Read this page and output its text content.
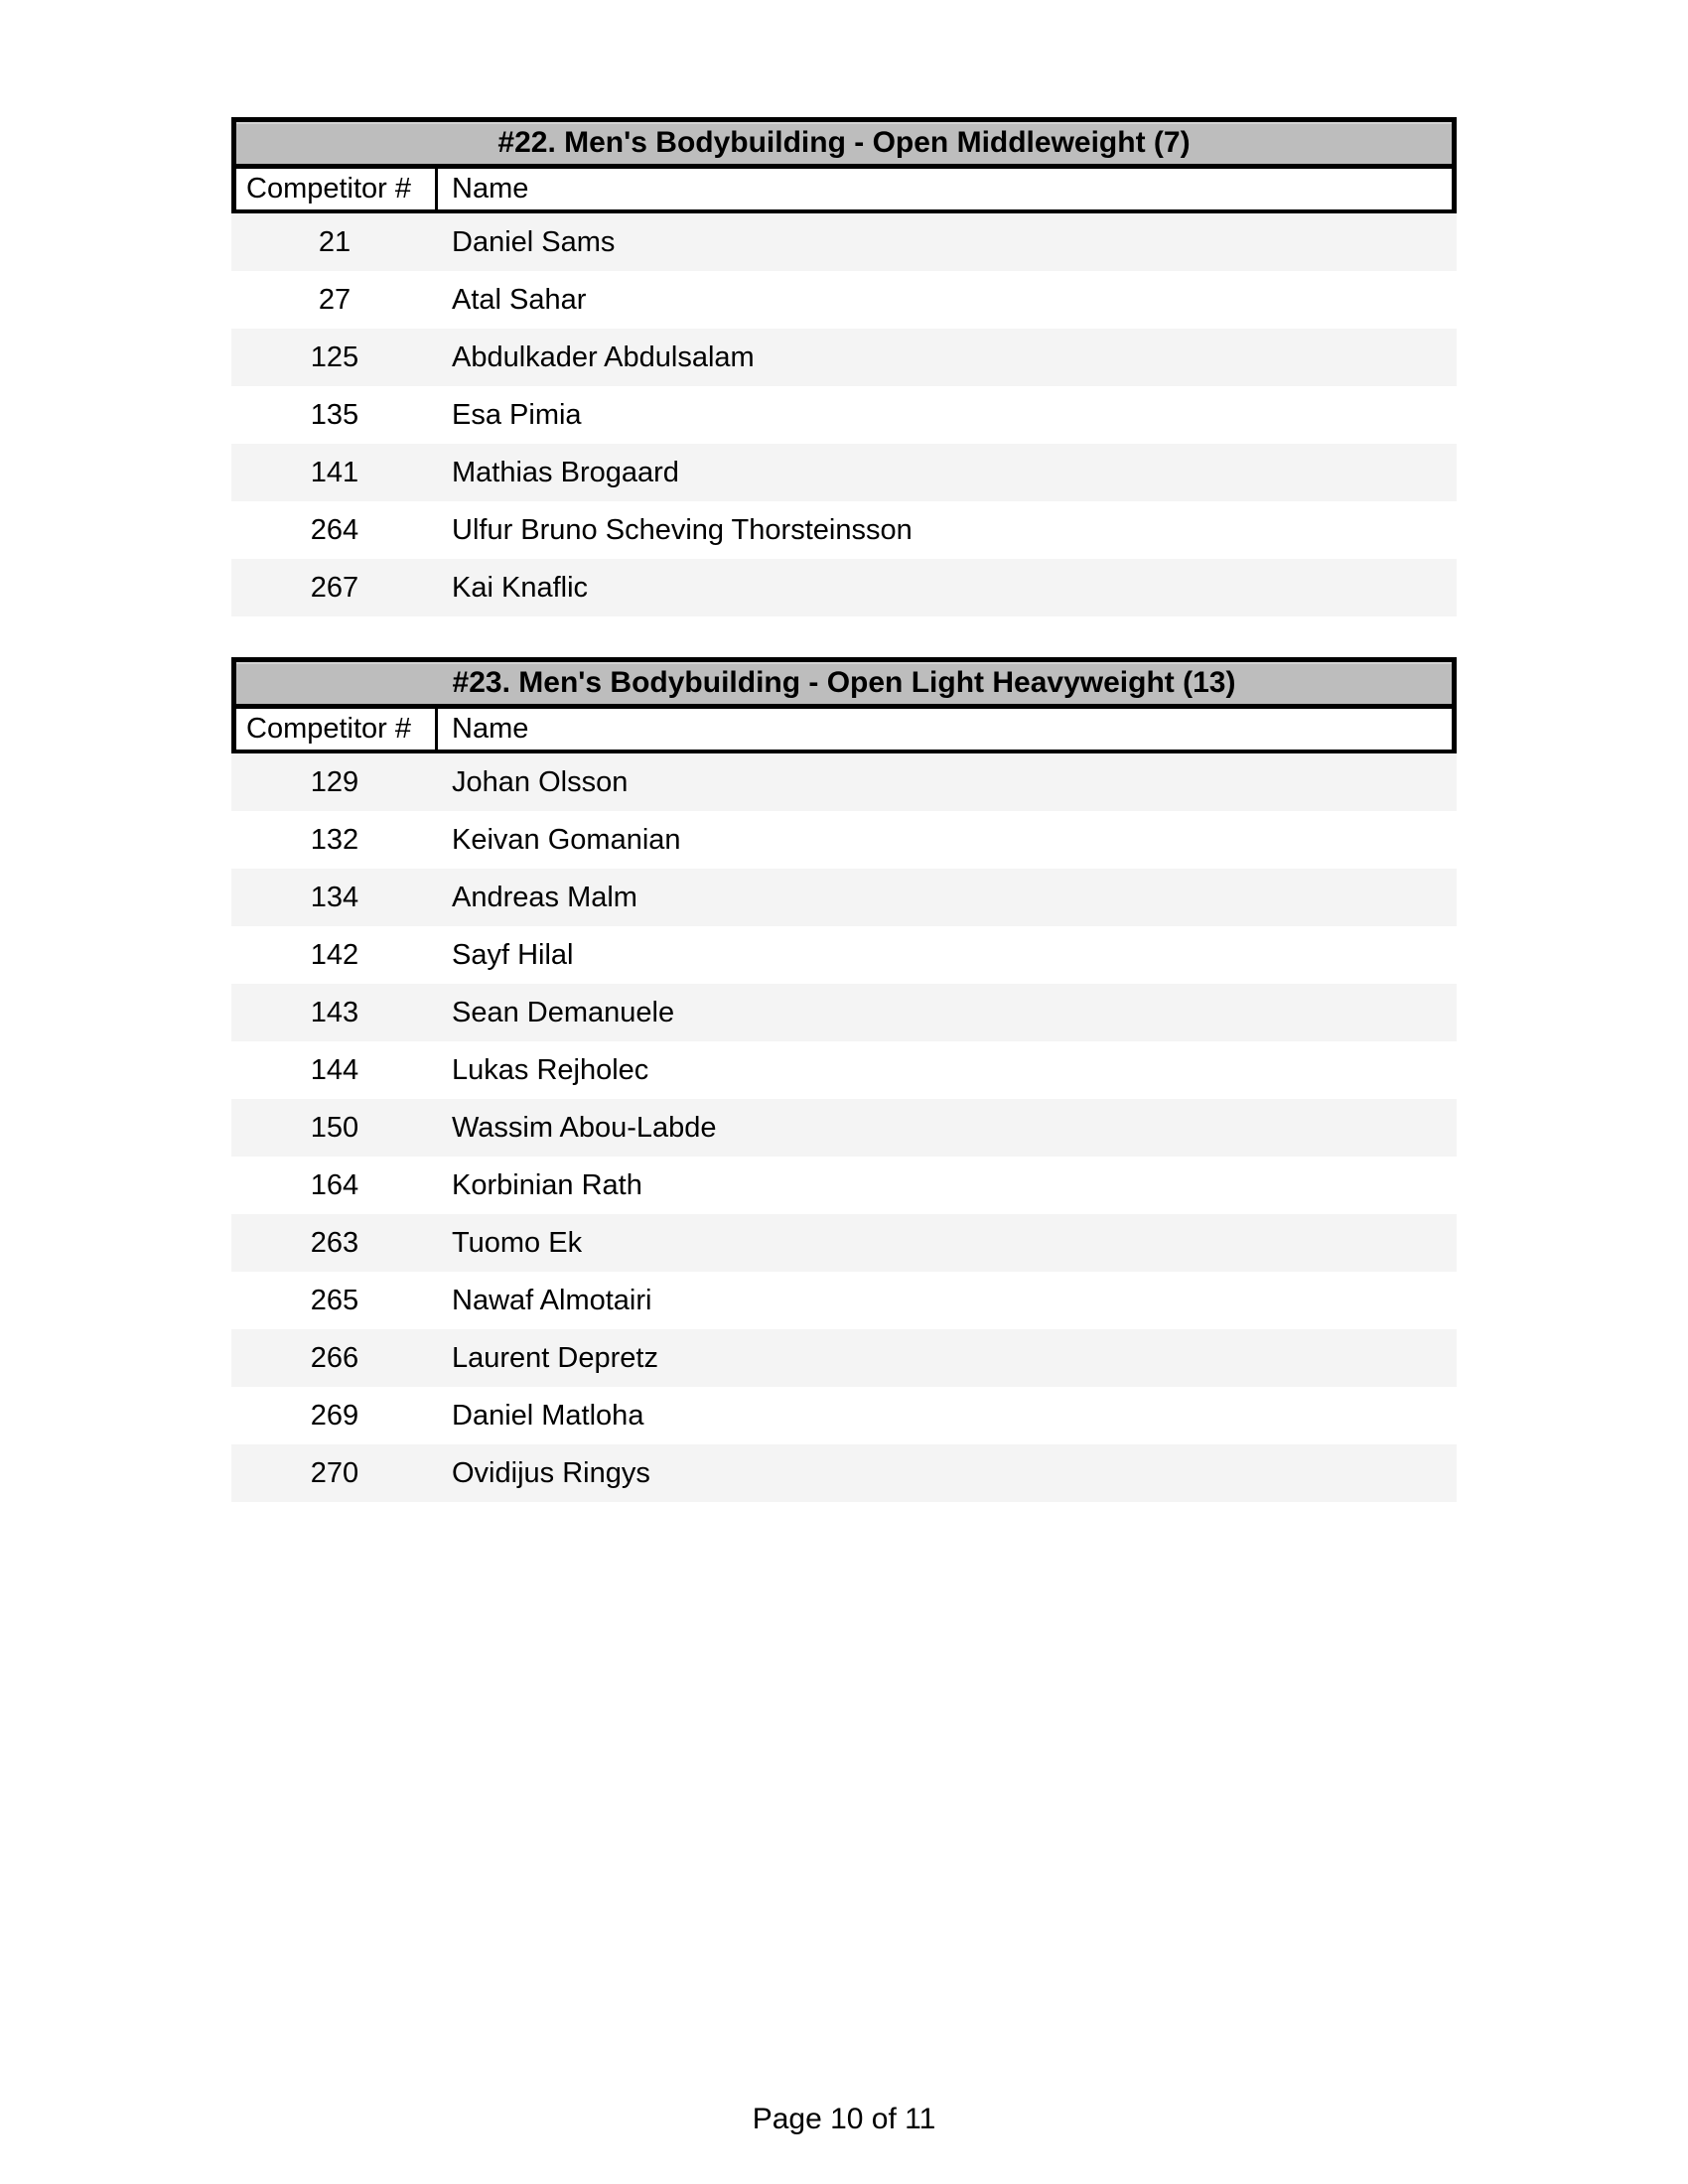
#22. Men's Bodybuilding - Open Middleweight (7)
Competitor #	Name
21	Daniel Sams
27	Atal Sahar
125	Abdulkader Abdulsalam
135	Esa Pimia
141	Mathias Brogaard
264	Ulfur Bruno Scheving Thorsteinsson
267	Kai Knaflic
#23. Men's Bodybuilding - Open Light Heavyweight (13)
Competitor #	Name
129	Johan Olsson
132	Keivan Gomanian
134	Andreas Malm
142	Sayf Hilal
143	Sean Demanuele
144	Lukas Rejholec
150	Wassim Abou-Labde
164	Korbinian Rath
263	Tuomo Ek
265	Nawaf Almotairi
266	Laurent Depretz
269	Daniel Matloha
270	Ovidijus Ringys
Page 10 of 11
